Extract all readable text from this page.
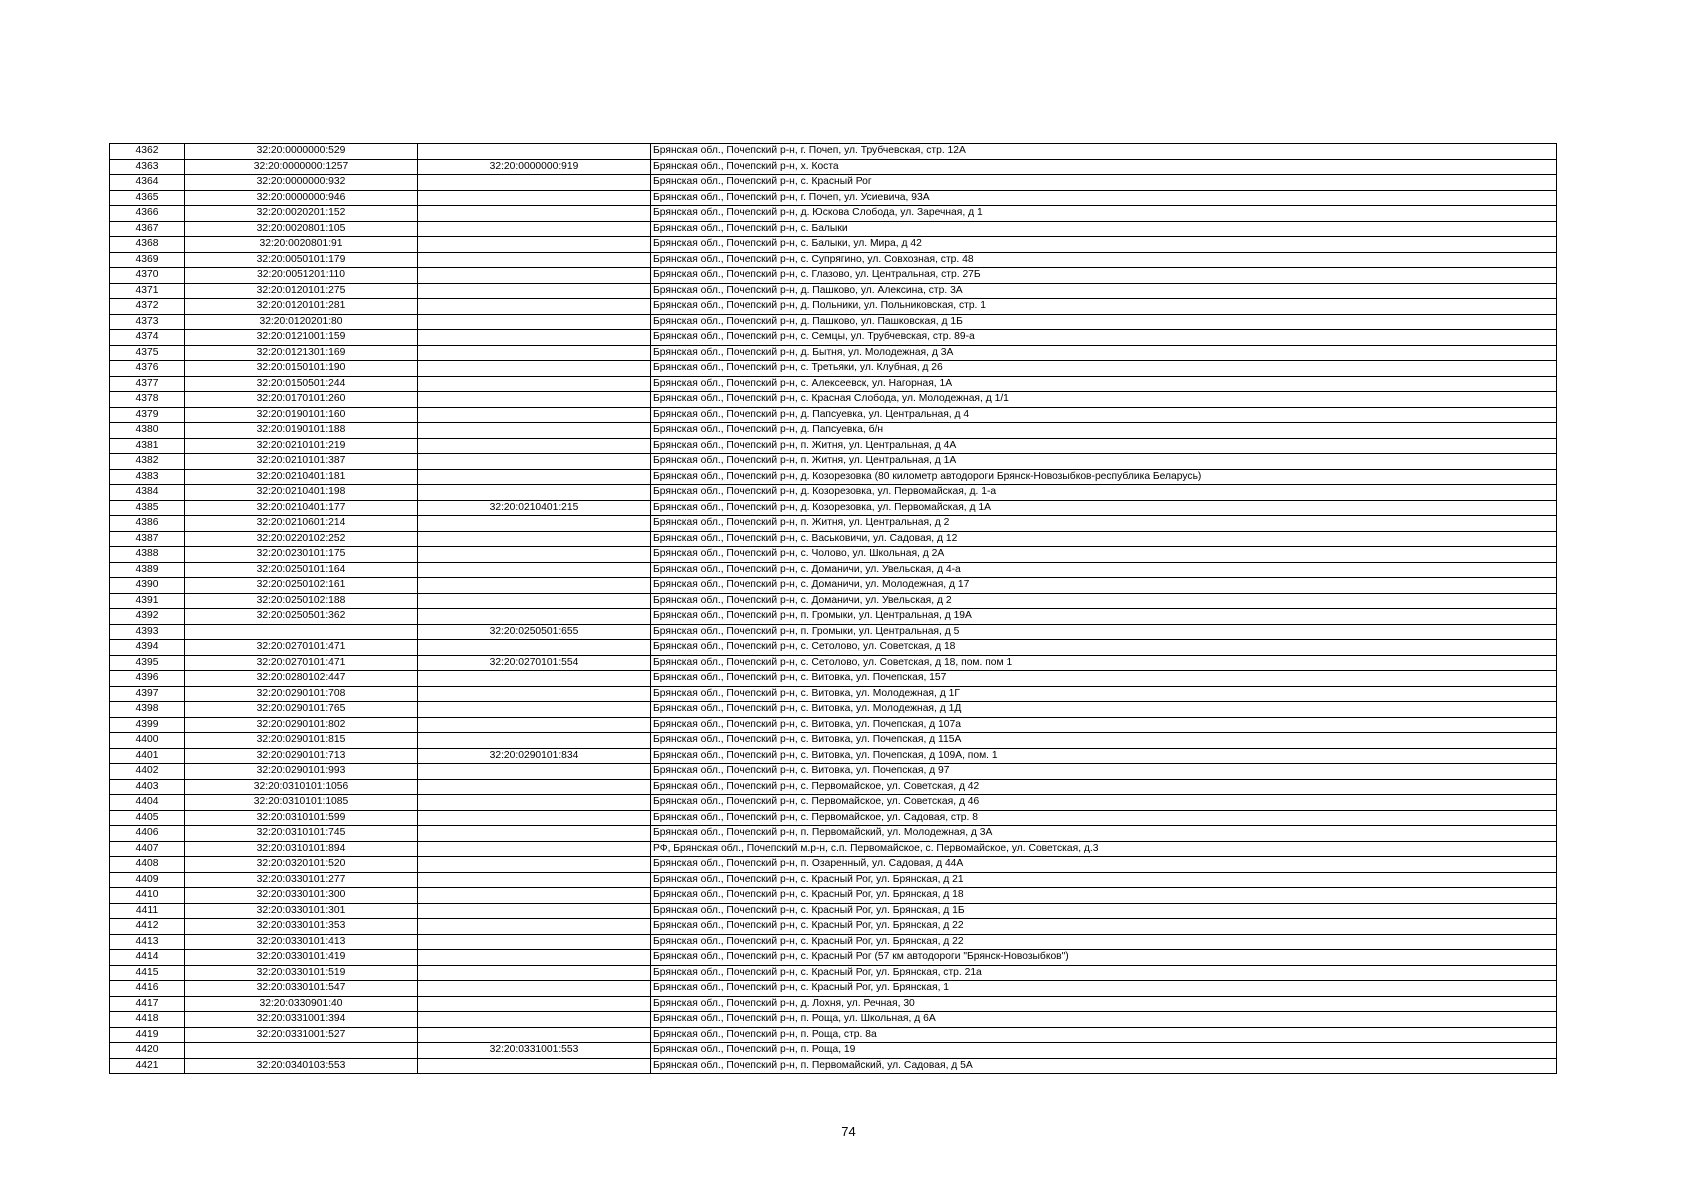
4362	32:20:0000000:529		Брянская обл., Почепский р-н, г. Почеп, ул. Трубчевская, стр. 12А
4363	32:20:0000000:1257	32:20:0000000:919	Брянская обл., Почепский р-н, х. Коста
4364	32:20:0000000:932		Брянская обл., Почепский р-н, с. Красный Рог
4365	32:20:0000000:946		Брянская обл., Почепский р-н, г. Почеп, ул. Усиевича, 93А
4366	32:20:0020201:152		Брянская обл., Почепский р-н, д. Юскова Слобода, ул. Заречная, д 1
4367	32:20:0020801:105		Брянская обл., Почепский р-н, с. Балыки
4368	32:20:0020801:91		Брянская обл., Почепский р-н, с. Балыки, ул. Мира, д 42
4369	32:20:0050101:179		Брянская обл., Почепский р-н, с. Супрягино, ул. Совхозная, стр. 48
4370	32:20:0051201:110		Брянская обл., Почепский р-н, с. Глазово, ул. Центральная, стр. 27Б
4371	32:20:0120101:275		Брянская обл., Почепский р-н, д. Пашково, ул. Алексина, стр. 3А
4372	32:20:0120101:281		Брянская обл., Почепский р-н, д. Польники, ул. Польниковская, стр. 1
4373	32:20:0120201:80		Брянская обл., Почепский р-н, д. Пашково, ул. Пашковская, д 1Б
4374	32:20:0121001:159		Брянская обл., Почепский р-н, с. Семцы, ул. Трубчевская, стр. 89-а
4375	32:20:0121301:169		Брянская обл., Почепский р-н, д. Бытня, ул. Молодежная, д 3А
4376	32:20:0150101:190		Брянская обл., Почепский р-н, с. Третьяки, ул. Клубная, д 26
4377	32:20:0150501:244		Брянская обл., Почепский р-н, с. Алексеевск, ул. Нагорная, 1А
4378	32:20:0170101:260		Брянская обл., Почепский р-н, с. Красная Слобода, ул. Молодежная, д 1/1
4379	32:20:0190101:160		Брянская обл., Почепский р-н, д. Папсуевка, ул. Центральная, д 4
4380	32:20:0190101:188		Брянская обл., Почепский р-н, д. Папсуевка, б/н
4381	32:20:0210101:219		Брянская обл., Почепский р-н, п. Житня, ул. Центральная, д 4А
4382	32:20:0210101:387		Брянская обл., Почепский р-н, п. Житня, ул. Центральная, д 1А
4383	32:20:0210401:181		Брянская обл., Почепский р-н, д. Козорезовка (80 километр автодороги Брянск-Новозыбков-республика Беларусь)
4384	32:20:0210401:198		Брянская обл., Почепский р-н, д. Козорезовка, ул. Первомайская, д. 1-а
4385	32:20:0210401:177	32:20:0210401:215	Брянская обл., Почепский р-н, д. Козорезовка, ул. Первомайская, д 1А
4386	32:20:0210601:214		Брянская обл., Почепский р-н, п. Житня, ул. Центральная, д 2
4387	32:20:0220102:252		Брянская обл., Почепский р-н, с. Васьковичи, ул. Садовая, д 12
4388	32:20:0230101:175		Брянская обл., Почепский р-н, с. Чолово, ул. Школьная, д 2А
4389	32:20:0250101:164		Брянская обл., Почепский р-н, с. Доманичи, ул. Увельская, д 4-а
4390	32:20:0250102:161		Брянская обл., Почепский р-н, с. Доманичи, ул. Молодежная, д 17
4391	32:20:0250102:188		Брянская обл., Почепский р-н, с. Доманичи, ул. Увельская, д 2
4392	32:20:0250501:362		Брянская обл., Почепский р-н, п. Громыки, ул. Центральная, д 19А
4393		32:20:0250501:655	Брянская обл., Почепский р-н, п. Громыки, ул. Центральная, д 5
4394	32:20:0270101:471		Брянская обл., Почепский р-н, с. Сетолово, ул. Советская, д 18
4395	32:20:0270101:471	32:20:0270101:554	Брянская обл., Почепский р-н, с. Сетолово, ул. Советская, д 18, пом. пом 1
4396	32:20:0280102:447		Брянская обл., Почепский р-н, с. Витовка, ул. Почепская, 157
4397	32:20:0290101:708		Брянская обл., Почепский р-н, с. Витовка, ул. Молодежная, д 1Г
4398	32:20:0290101:765		Брянская обл., Почепский р-н, с. Витовка, ул. Молодежная, д 1Д
4399	32:20:0290101:802		Брянская обл., Почепский р-н, с. Витовка, ул. Почепская, д 107а
4400	32:20:0290101:815		Брянская обл., Почепский р-н, с. Витовка, ул. Почепская, д 115А
4401	32:20:0290101:713	32:20:0290101:834	Брянская обл., Почепский р-н, с. Витовка, ул. Почепская, д 109А, пом. 1
4402	32:20:0290101:993		Брянская обл., Почепский р-н, с. Витовка, ул. Почепская, д 97
4403	32:20:0310101:1056		Брянская обл., Почепский р-н, с. Первомайское, ул. Советская, д 42
4404	32:20:0310101:1085		Брянская обл., Почепский р-н, с. Первомайское, ул. Советская, д 46
4405	32:20:0310101:599		Брянская обл., Почепский р-н, с. Первомайское, ул. Садовая, стр. 8
4406	32:20:0310101:745		Брянская обл., Почепский р-н, п. Первомайский, ул. Молодежная, д 3А
4407	32:20:0310101:894		РФ, Брянская обл., Почепский м.р-н, с.п. Первомайское, с. Первомайское, ул. Советская, д.3
4408	32:20:0320101:520		Брянская обл., Почепский р-н, п. Озаренный, ул. Садовая, д 44А
4409	32:20:0330101:277		Брянская обл., Почепский р-н, с. Красный Рог, ул. Брянская, д 21
4410	32:20:0330101:300		Брянская обл., Почепский р-н, с. Красный Рог, ул. Брянская, д 18
4411	32:20:0330101:301		Брянская обл., Почепский р-н, с. Красный Рог, ул. Брянская, д 1Б
4412	32:20:0330101:353		Брянская обл., Почепский р-н, с. Красный Рог, ул. Брянская, д 22
4413	32:20:0330101:413		Брянская обл., Почепский р-н, с. Красный Рог, ул. Брянская, д 22
4414	32:20:0330101:419		Брянская обл., Почепский р-н, с. Красный Рог (57 км автодороги "Брянск-Новозыбков")
4415	32:20:0330101:519		Брянская обл., Почепский р-н, с. Красный Рог, ул. Брянская, стр. 21а
4416	32:20:0330101:547		Брянская обл., Почепский р-н, с. Красный Рог, ул. Брянская, 1
4417	32:20:0330901:40		Брянская обл., Почепский р-н, д. Лохня, ул. Речная, 30
4418	32:20:0331001:394		Брянская обл., Почепский р-н, п. Роща, ул. Школьная, д 6А
4419	32:20:0331001:527		Брянская обл., Почепский р-н, п. Роща, стр. 8а
4420		32:20:0331001:553	Брянская обл., Почепский р-н, п. Роща, 19
4421	32:20:0340103:553		Брянская обл., Почепский р-н, п. Первомайский, ул. Садовая, д 5А
74
